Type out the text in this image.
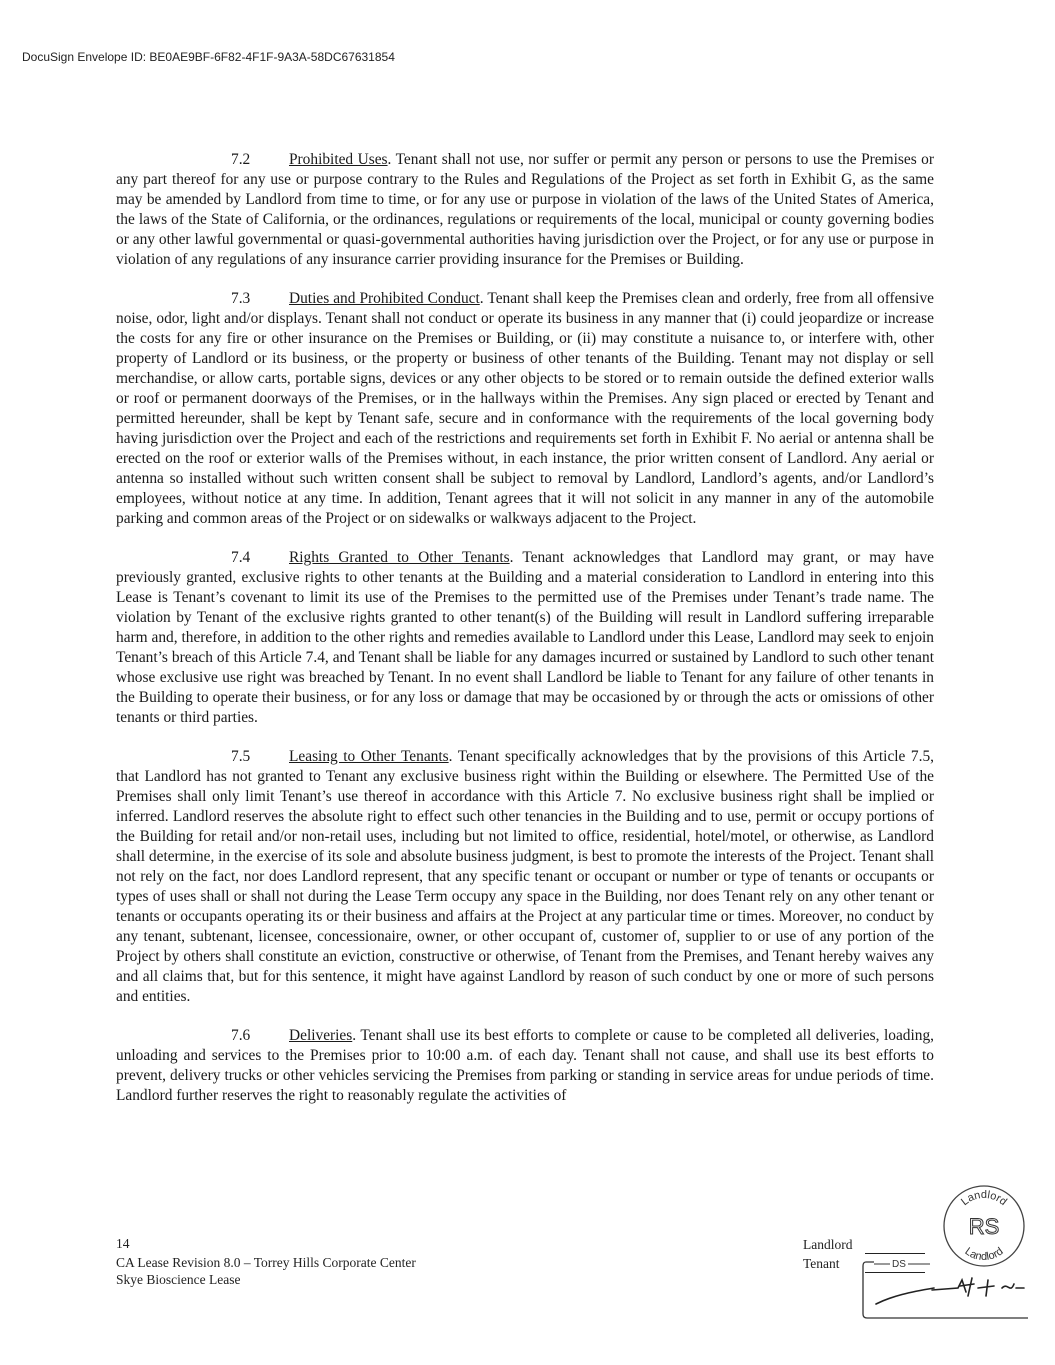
DocuSign Envelope ID: BE0AE9BF-6F82-4F1F-9A3A-58DC67631854

7.2	Prohibited Uses. Tenant shall not use, nor suffer or permit any person or persons to use the Premises or any part thereof for any use or purpose contrary to the Rules and Regulations of the Project as set forth in Exhibit G, as the same may be amended by Landlord from time to time, or for any use or purpose in violation of the laws of the United States of America, the laws of the State of California, or the ordinances, regulations or requirements of the local, municipal or county governing bodies or any other lawful governmental or quasi-governmental authorities having jurisdiction over the Project, or for any use or purpose in violation of any regulations of any insurance carrier providing insurance for the Premises or Building.

7.3	Duties and Prohibited Conduct. Tenant shall keep the Premises clean and orderly, free from all offensive noise, odor, light and/or displays. Tenant shall not conduct or operate its business in any manner that (i) could jeopardize or increase the costs for any fire or other insurance on the Premises or Building, or (ii) may constitute a nuisance to, or interfere with, other property of Landlord or its business, or the property or business of other tenants of the Building. Tenant may not display or sell merchandise, or allow carts, portable signs, devices or any other objects to be stored or to remain outside the defined exterior walls or roof or permanent doorways of the Premises, or in the hallways within the Premises. Any sign placed or erected by Tenant and permitted hereunder, shall be kept by Tenant safe, secure and in conformance with the requirements of the local governing body having jurisdiction over the Project and each of the restrictions and requirements set forth in Exhibit F. No aerial or antenna shall be erected on the roof or exterior walls of the Premises without, in each instance, the prior written consent of Landlord. Any aerial or antenna so installed without such written consent shall be subject to removal by Landlord, Landlord’s agents, and/or Landlord’s employees, without notice at any time. In addition, Tenant agrees that it will not solicit in any manner in any of the automobile parking and common areas of the Project or on sidewalks or walkways adjacent to the Project.

7.4	Rights Granted to Other Tenants. Tenant acknowledges that Landlord may grant, or may have previously granted, exclusive rights to other tenants at the Building and a material consideration to Landlord in entering into this Lease is Tenant’s covenant to limit its use of the Premises to the permitted use of the Premises under Tenant’s trade name. The violation by Tenant of the exclusive rights granted to other tenant(s) of the Building will result in Landlord suffering irreparable harm and, therefore, in addition to the other rights and remedies available to Landlord under this Lease, Landlord may seek to enjoin Tenant’s breach of this Article 7.4, and Tenant shall be liable for any damages incurred or sustained by Landlord to such other tenant whose exclusive use right was breached by Tenant. In no event shall Landlord be liable to Tenant for any failure of other tenants in the Building to operate their business, or for any loss or damage that may be occasioned by or through the acts or omissions of other tenants or third parties.

7.5	Leasing to Other Tenants. Tenant specifically acknowledges that by the provisions of this Article 7.5, that Landlord has not granted to Tenant any exclusive business right within the Building or elsewhere. The Permitted Use of the Premises shall only limit Tenant’s use thereof in accordance with this Article 7. No exclusive business right shall be implied or inferred. Landlord reserves the absolute right to effect such other tenancies in the Building and to use, permit or occupy portions of the Building for retail and/or non-retail uses, including but not limited to office, residential, hotel/motel, or otherwise, as Landlord shall determine, in the exercise of its sole and absolute business judgment, is best to promote the interests of the Project. Tenant shall not rely on the fact, nor does Landlord represent, that any specific tenant or occupant or number or type of tenants or occupants or types of uses shall or shall not during the Lease Term occupy any space in the Building, nor does Tenant rely on any other tenant or tenants or occupants operating its or their business and affairs at the Project at any particular time or times. Moreover, no conduct by any tenant, subtenant, licensee, concessionaire, owner, or other occupant of, customer of, supplier to or use of any portion of the Project by others shall constitute an eviction, constructive or otherwise, of Tenant from the Premises, and Tenant hereby waives any and all claims that, but for this sentence, it might have against Landlord by reason of such conduct by one or more of such persons and entities.

7.6	Deliveries. Tenant shall use its best efforts to complete or cause to be completed all deliveries, loading, unloading and services to the Premises prior to 10:00 a.m. of each day. Tenant shall not cause, and shall use its best efforts to prevent, delivery trucks or other vehicles servicing the Premises from parking or standing in service areas for undue periods of time. Landlord further reserves the right to reasonably regulate the activities of

14
CA Lease Revision 8.0 – Torrey Hills Corporate Center
Skye Bioscience Lease
Landlord
Tenant
Landlord
RS
Landlord
DS
